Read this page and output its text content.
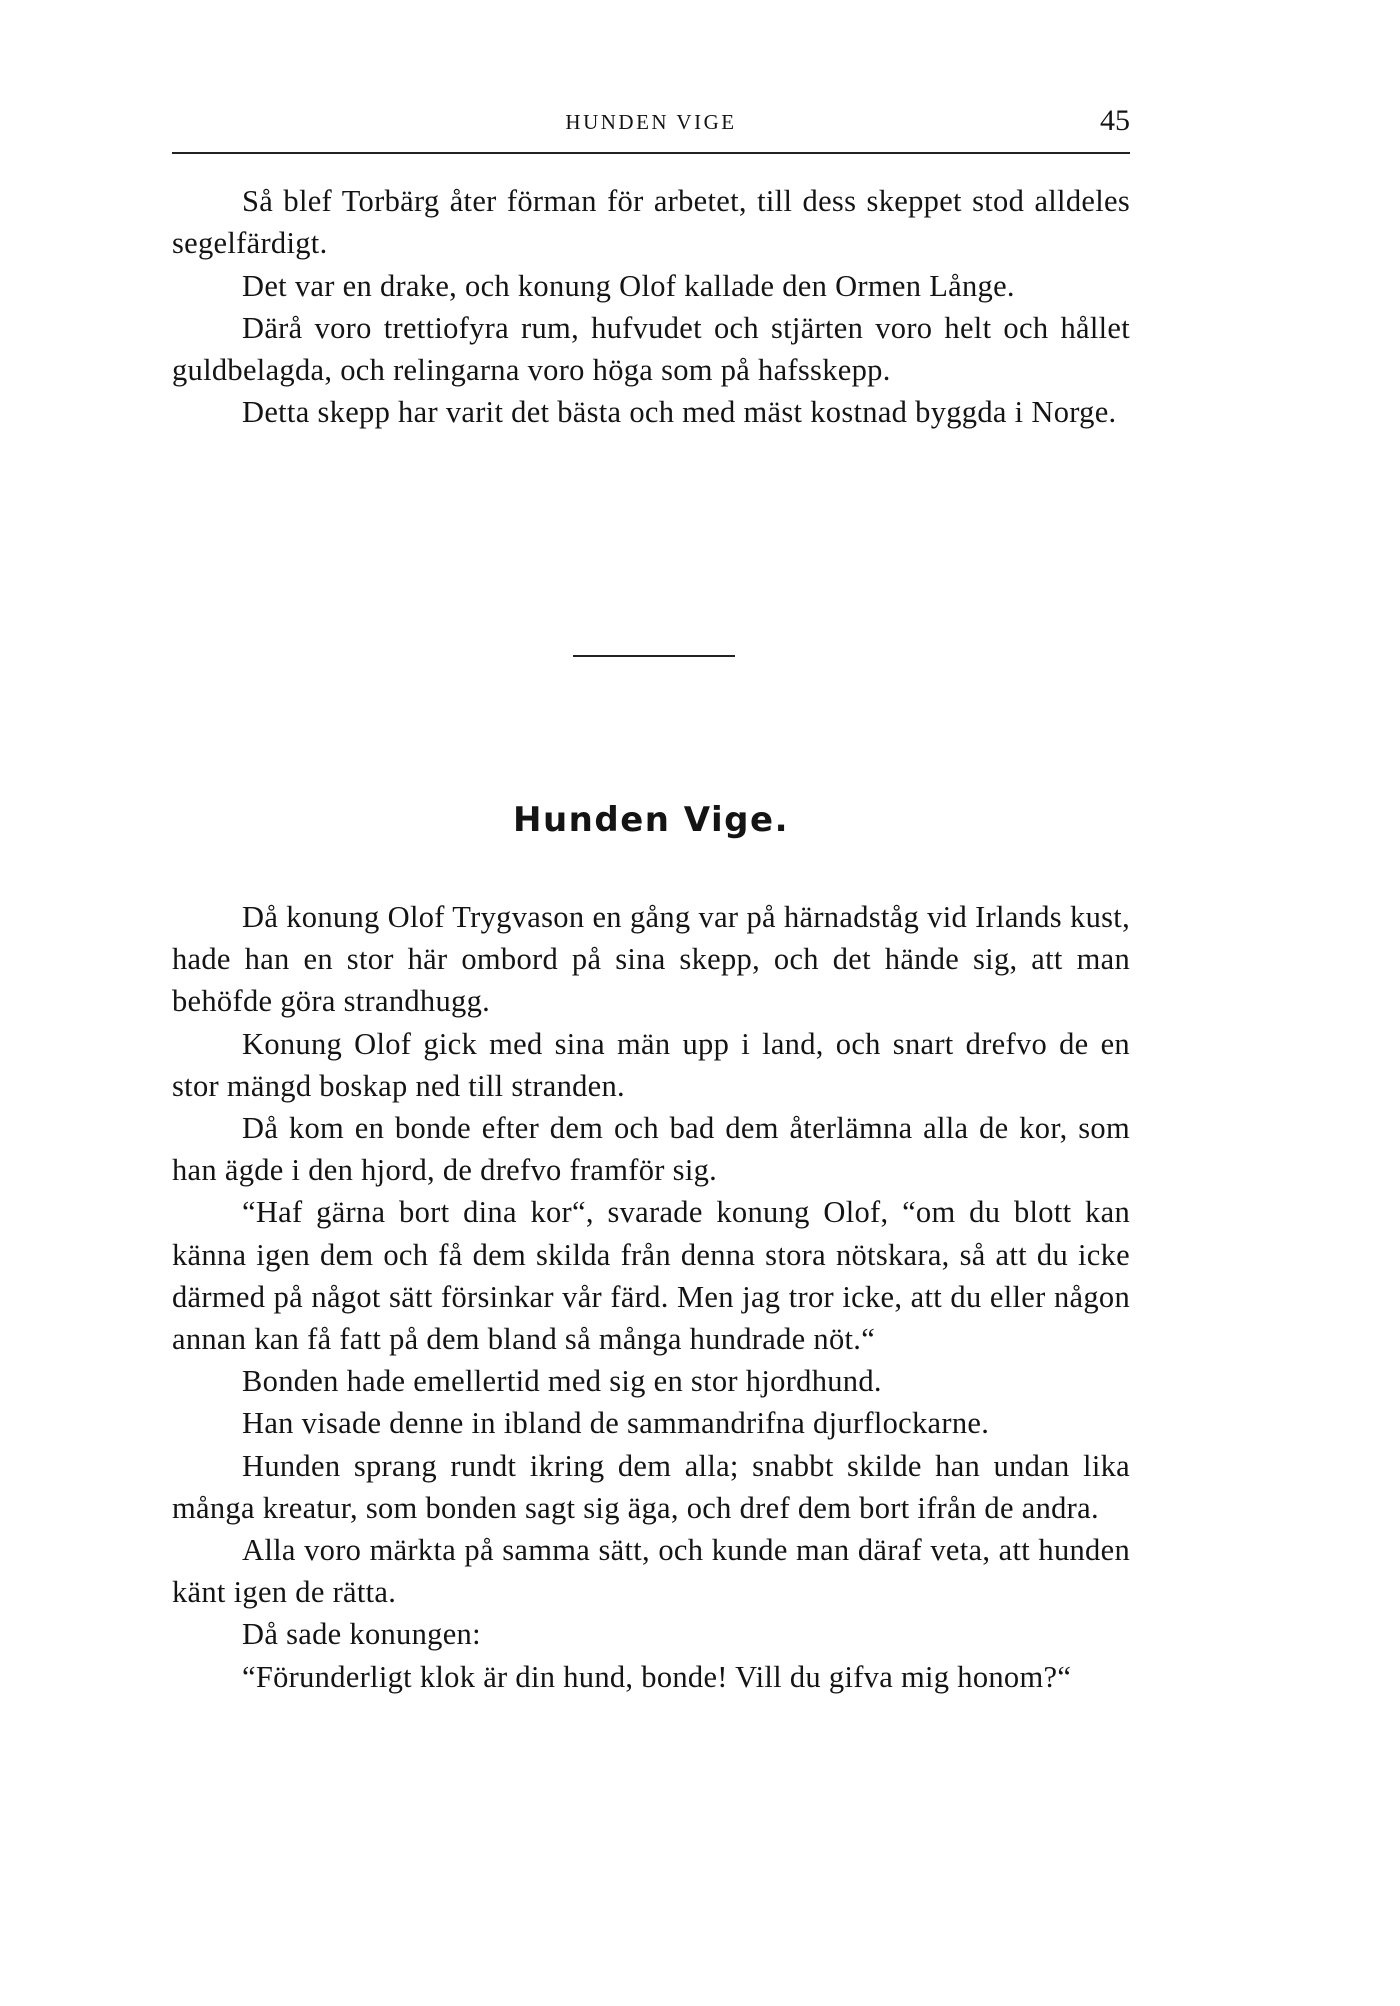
HUNDEN VIGE	45

Så blef Torbärg åter förman för arbetet, till dess skeppet stod alldeles segelfärdigt.

Det var en drake, och konung Olof kallade den Ormen Långe.

Därå voro trettiofyra rum, hufvudet och stjärten voro helt och hållet guldbelagda, och relingarna voro höga som på hafsskepp.

Detta skepp har varit det bästa och med mäst kostnad byggda i Norge.

Hunden Vige.

Då konung Olof Trygvason en gång var på härnadståg vid Irlands kust, hade han en stor här ombord på sina skepp, och det hände sig, att man behöfde göra strandhugg.

Konung Olof gick med sina män upp i land, och snart drefvo de en stor mängd boskap ned till stranden.

Då kom en bonde efter dem och bad dem återlämna alla de kor, som han ägde i den hjord, de drefvo framför sig.

“Haf gärna bort dina kor“, svarade konung Olof, “om du blott kan känna igen dem och få dem skilda från denna stora nötskara, så att du icke därmed på något sätt försinkar vår färd. Men jag tror icke, att du eller någon annan kan få fatt på dem bland så många hundrade nöt.“

Bonden hade emellertid med sig en stor hjordhund.

Han visade denne in ibland de sammandrifna djurflockarne.

Hunden sprang rundt ikring dem alla; snabbt skilde han undan lika många kreatur, som bonden sagt sig äga, och dref dem bort ifrån de andra.

Alla voro märkta på samma sätt, och kunde man däraf veta, att hunden känt igen de rätta.

Då sade konungen:

“Förunderligt klok är din hund, bonde! Vill du gifva mig honom?“
